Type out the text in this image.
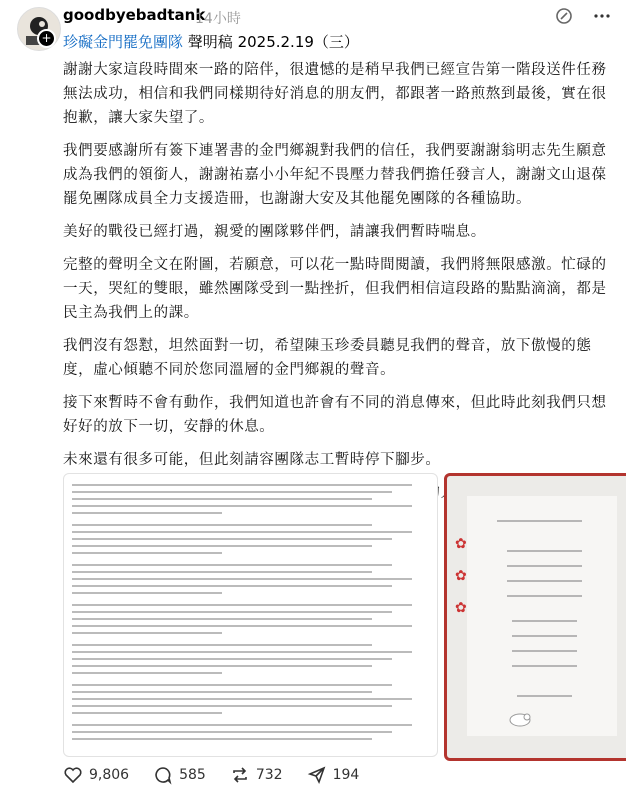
+
goodbyebadtank
14小時
珍礙金門罷免團隊 聲明稿 2025.2.19（三）

謝謝大家這段時間來一路的陪伴，很遺憾的是稍早我們已經宣告第一階段送件任務無法成功，相信和我們同樣期待好消息的朋友們，都跟著一路煎熬到最後，實在很抱歉，讓大家失望了。

我們要感謝所有簽下連署書的金門鄉親對我們的信任，我們要謝謝翁明志先生願意成為我們的領銜人，謝謝祐嘉小小年紀不畏壓力替我們擔任發言人，謝謝文山退葆罷免團隊成員全力支援造冊，也謝謝大安及其他罷免團隊的各種協助。

美好的戰役已經打過，親愛的團隊夥伴們，請讓我們暫時喘息。

完整的聲明全文在附圖，若願意，可以花一點時間閱讀，我們將無限感激。忙碌的一天，哭紅的雙眼，雖然團隊受到一點挫折，但我們相信這段路的點點滴滴，都是民主為我們上的課。

我們沒有怨懟，坦然面對一切，希望陳玉珍委員聽見我們的聲音，放下傲慢的態度，虛心傾聽不同於您同溫層的金門鄉親的聲音。

接下來暫時不會有動作，我們知道也許會有不同的消息傳來，但此時此刻我們只想好好的放下一切，安靜的休息。

未來還有很多可能，但此刻請容團隊志工暫時停下腳步。

✿

✿

✿
9,806	585	732	194
